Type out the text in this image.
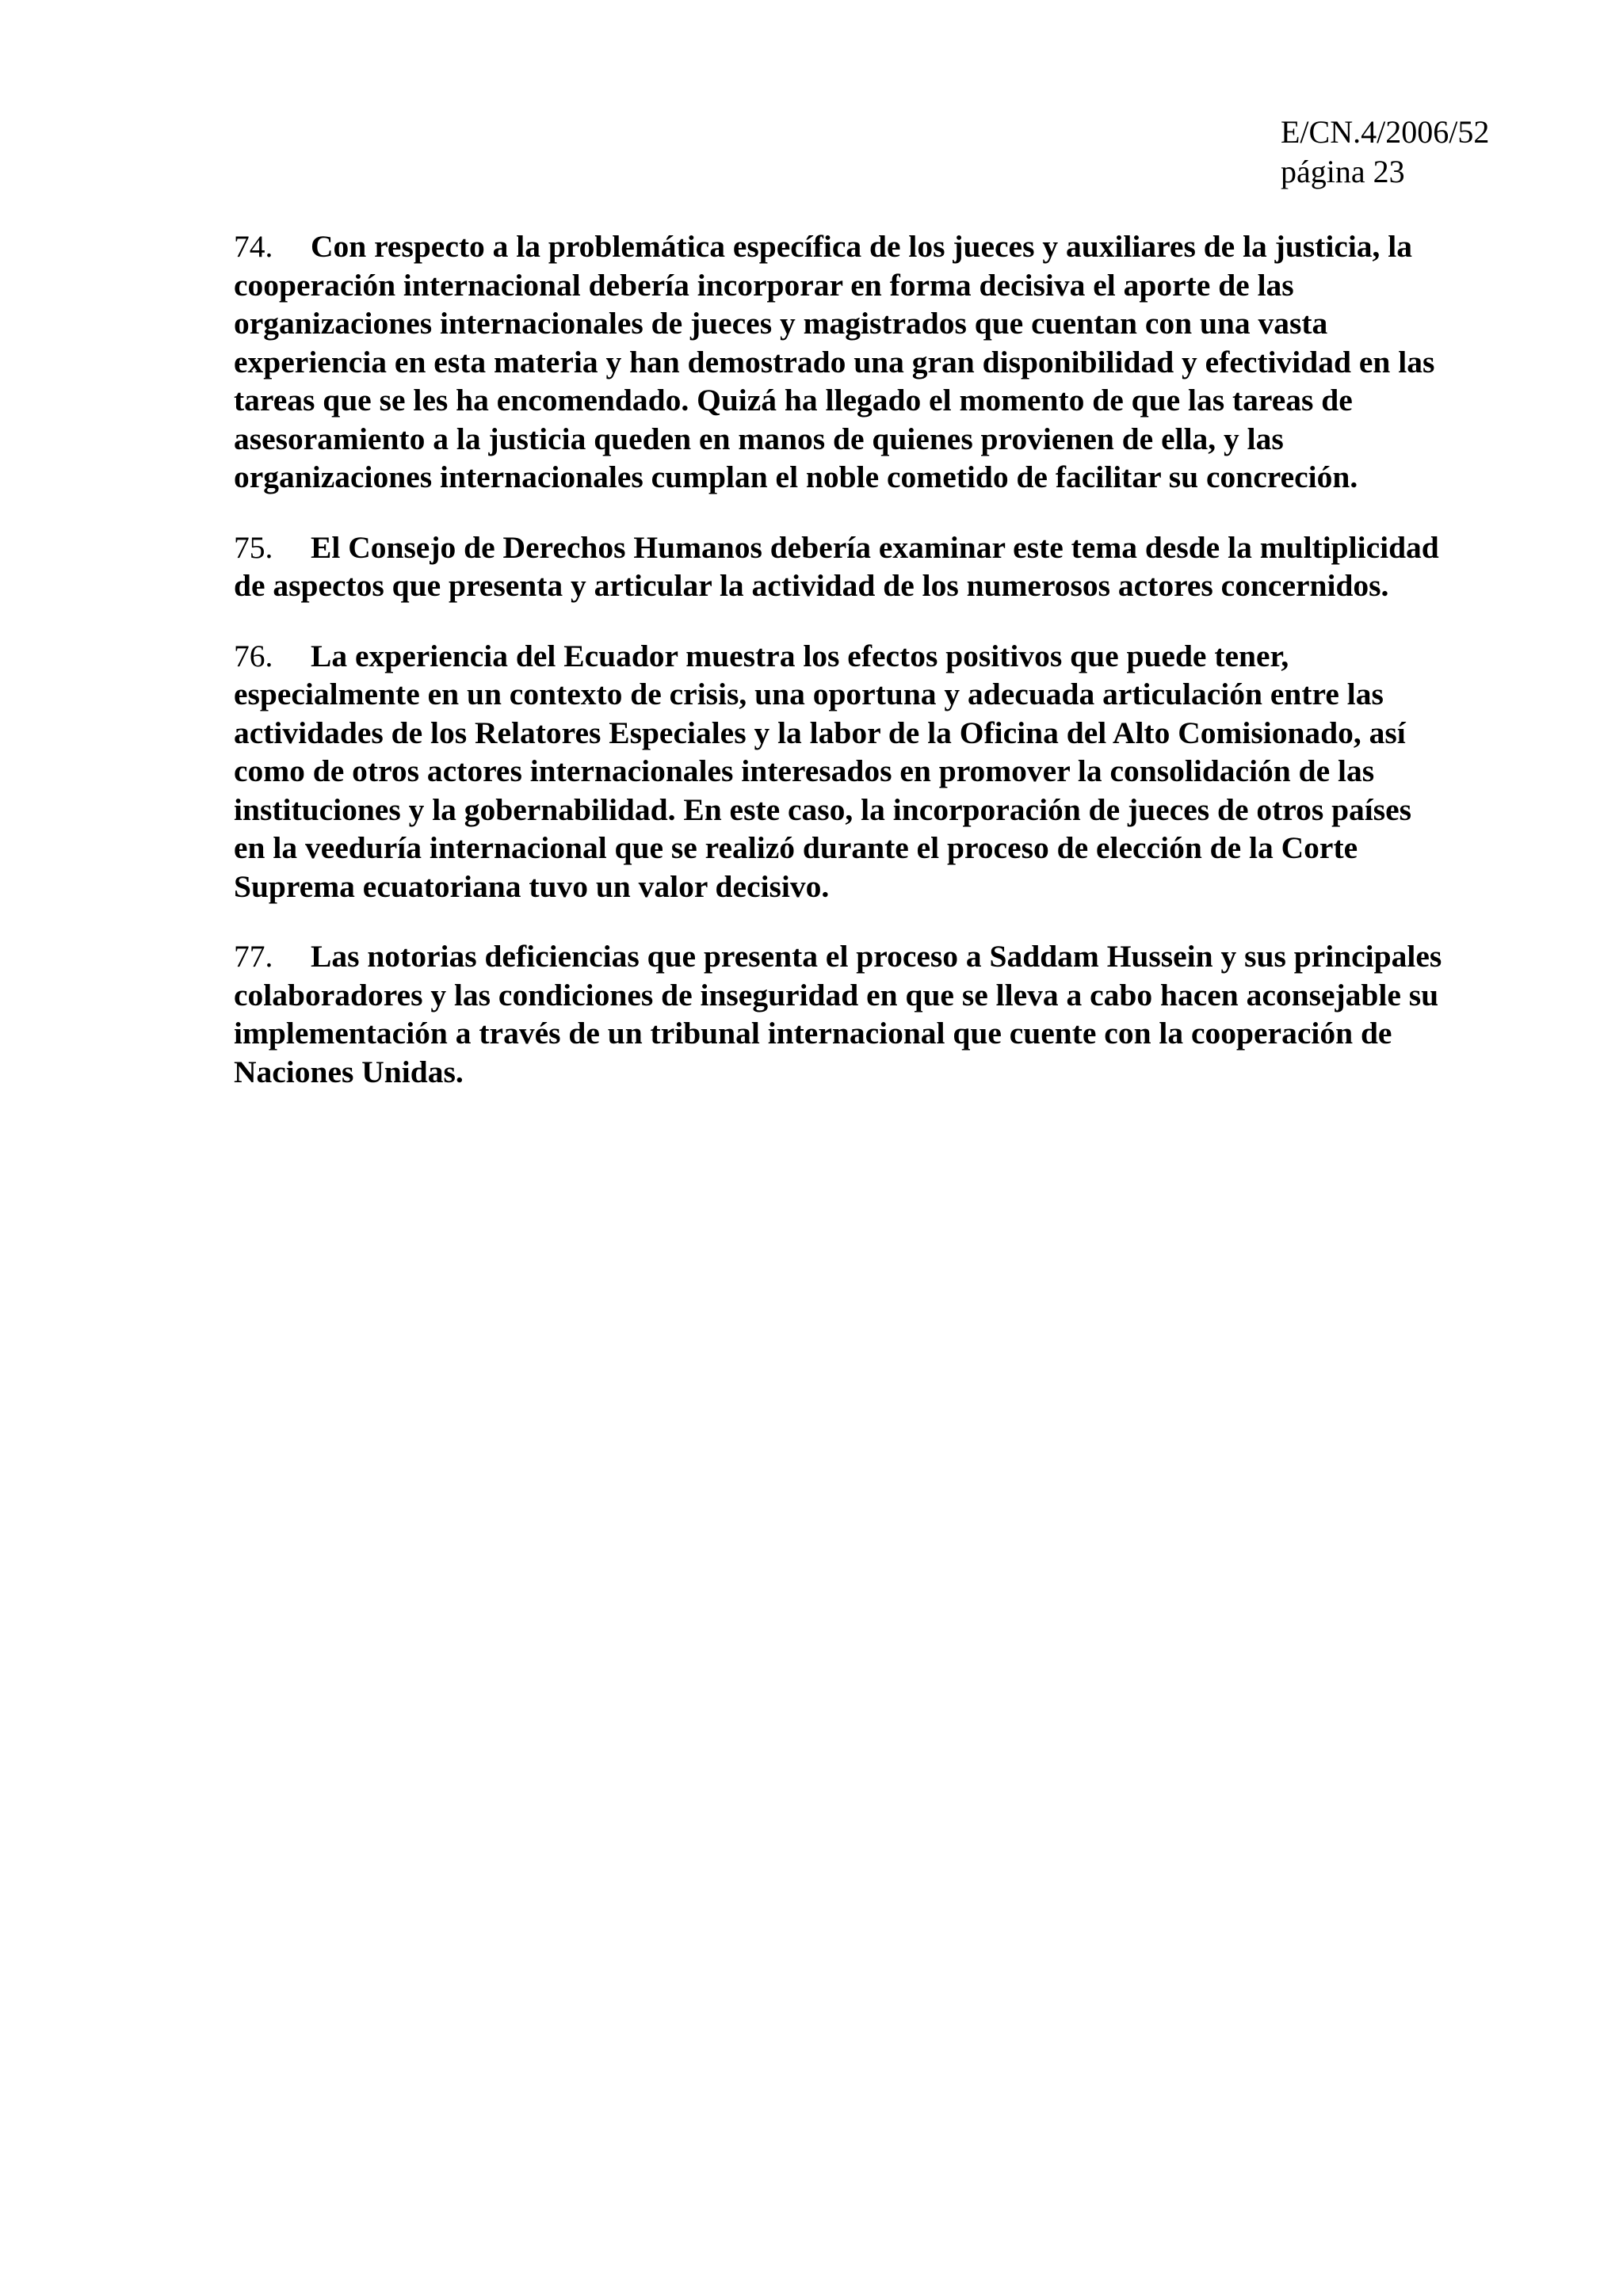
E/CN.4/2006/52
página 23
74. Con respecto a la problemática específica de los jueces y auxiliares de la justicia, la
cooperación internacional debería incorporar en forma decisiva el aporte de las
organizaciones internacionales de jueces y magistrados que cuentan con una vasta
experiencia en esta materia y han demostrado una gran disponibilidad y efectividad en las
tareas que se les ha encomendado. Quizá ha llegado el momento de que las tareas de
asesoramiento a la justicia queden en manos de quienes provienen de ella, y las
organizaciones internacionales cumplan el noble cometido de facilitar su concreción.
75. El Consejo de Derechos Humanos debería examinar este tema desde la multiplicidad
de aspectos que presenta y articular la actividad de los numerosos actores concernidos.
76. La experiencia del Ecuador muestra los efectos positivos que puede tener,
especialmente en un contexto de crisis, una oportuna y adecuada articulación entre las
actividades de los Relatores Especiales y la labor de la Oficina del Alto Comisionado, así
como de otros actores internacionales interesados en promover la consolidación de las
instituciones y la gobernabilidad. En este caso, la incorporación de jueces de otros países
en la veeduría internacional que se realizó durante el proceso de elección de la Corte
Suprema ecuatoriana tuvo un valor decisivo.
77. Las notorias deficiencias que presenta el proceso a Saddam Hussein y sus principales
colaboradores y las condiciones de inseguridad en que se lleva a cabo hacen aconsejable su
implementación a través de un tribunal internacional que cuente con la cooperación de
Naciones Unidas.
